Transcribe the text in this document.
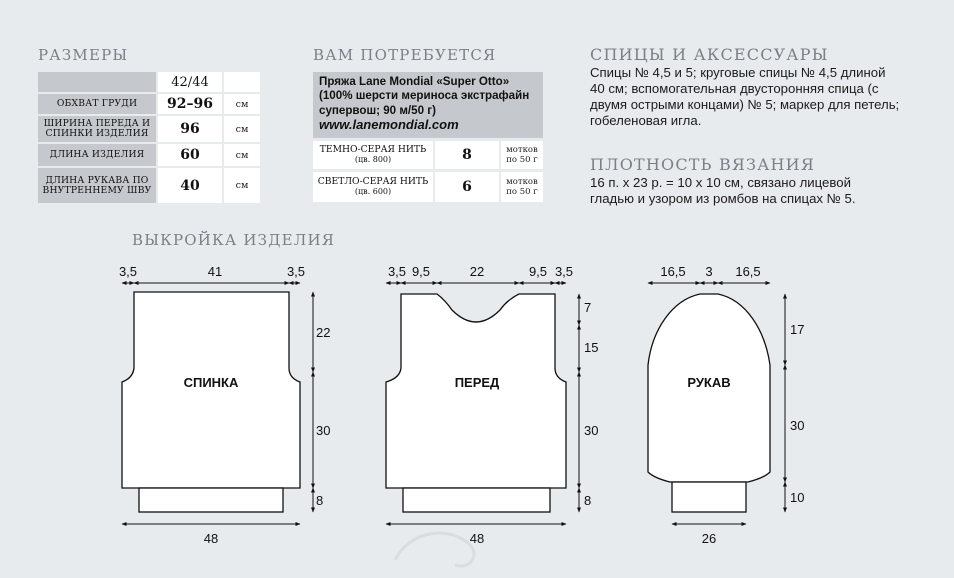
РАЗМЕРЫ	ВАМ ПОТРЕБУЕТСЯ	СПИЦЫ И АКСЕССУАРЫ
ПЛОТНОСТЬ ВЯЗАНИЯ
ВЫКРОЙКА ИЗДЕЛИЯ
42/44
ОБХВАТ ГРУДИ	92–96	см
ШИРИНА ПЕРЕДА И СПИНКИ ИЗДЕЛИЯ	96	см
ДЛИНА ИЗДЕЛИЯ	60	см
ДЛИНА РУКАВА ПО ВНУТРЕННЕМУ ШВУ	40	см
Пряжа Lane Mondial «Super Otto»
(100% шерсти мериноса экстрафайн
супервош; 90 м/50 г)
www.lanemondial.com
ТЕМНО-СЕРАЯ НИТЬ
(цв. 800)	8	мотков
по 50 г
СВЕТЛО-СЕРАЯ НИТЬ
(цв. 600)	6	мотков
по 50 г
Спицы № 4,5 и 5; круговые спицы № 4,5 длиной
40 см; вспомогательная двусторонняя спица (с
двумя острыми концами) № 5; маркер для петель;
гобеленовая игла.
16 п. х 23 р. = 10 х 10 см, связано лицевой
гладью и узором из ромбов на спицах № 5.
СПИНКА
3,5	41	3,5
22
30
8
48
ПЕРЕД
3,5 9,5	22	9,5 3,5
7
15
30
8
48
РУКАВ
16,5 3 16,5
17
30
10
26
